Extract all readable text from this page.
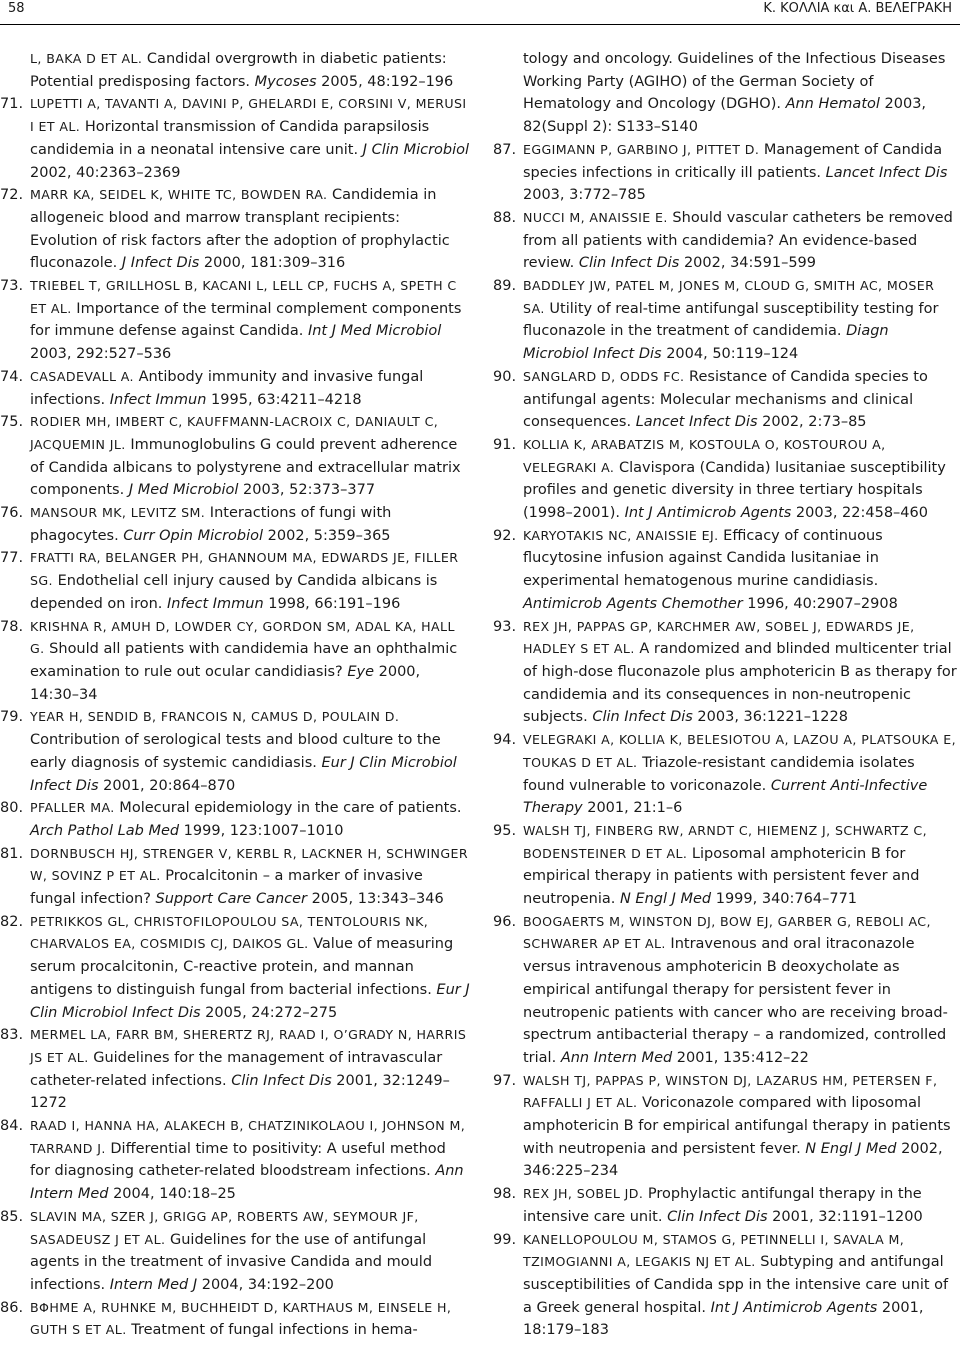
58	Κ. ΚΟΛΛΙΑ και Α. ΒΕΛΕΓΡΑΚΗ

L, BAKA D ET AL. Candidal overgrowth in diabetic patients: Potential predisposing factors. Mycoses 2005, 48:192–196

71. LUPETTI A, TAVANTI A, DAVINI P, GHELARDI E, CORSINI V, MERUSI I ET AL. Horizontal transmission of Candida parapsilosis candidemia in a neonatal intensive care unit. J Clin Microbiol 2002, 40:2363–2369

72. MARR KA, SEIDEL K, WHITE TC, BOWDEN RA. Candidemia in allogeneic blood and marrow transplant recipients: Evolution of risk factors after the adoption of prophylactic fluconazole. J Infect Dis 2000, 181:309–316

73. TRIEBEL T, GRILLHOSL B, KACANI L, LELL CP, FUCHS A, SPETH C ET AL. Importance of the terminal complement components for immune defense against Candida. Int J Med Microbiol 2003, 292:527–536

74. CASADEVALL A. Antibody immunity and invasive fungal infections. Infect Immun 1995, 63:4211–4218

75. RODIER MH, IMBERT C, KAUFFMANN-LACROIX C, DANIAULT C, JACQUEMIN JL. Immunoglobulins G could prevent adherence of Candida albicans to polystyrene and extracellular matrix components. J Med Microbiol 2003, 52:373–377

76. MANSOUR MK, LEVITZ SM. Interactions of fungi with phagocytes. Curr Opin Microbiol 2002, 5:359–365

77. FRATTI RA, BELANGER PH, GHANNOUM MA, EDWARDS JE, FILLER SG. Endothelial cell injury caused by Candida albicans is depended on iron. Infect Immun 1998, 66:191–196

78. KRISHNA R, AMUH D, LOWDER CY, GORDON SM, ADAL KA, HALL G. Should all patients with candidemia have an ophthalmic examination to rule out ocular candidiasis? Eye 2000, 14:30–34

79. YEAR H, SENDID B, FRANCOIS N, CAMUS D, POULAIN D. Contribution of serological tests and blood culture to the early diagnosis of systemic candidiasis. Eur J Clin Microbiol Infect Dis 2001, 20:864–870

80. PFALLER MA. Molecural epidemiology in the care of patients. Arch Pathol Lab Med 1999, 123:1007–1010

81. DORNBUSCH HJ, STRENGER V, KERBL R, LACKNER H, SCHWINGER W, SOVINZ P ET AL. Procalcitonin – a marker of invasive fungal infection? Support Care Cancer 2005, 13:343–346

82. PETRIKKOS GL, CHRISTOFILOPOULOU SA, TENTOLOURIS NK, CHARVALOS EA, COSMIDIS CJ, DAIKOS GL. Value of measuring serum procalcitonin, C-reactive protein, and mannan antigens to distinguish fungal from bacterial infections. Eur J Clin Microbiol Infect Dis 2005, 24:272–275

83. MERMEL LA, FARR BM, SHERERTZ RJ, RAAD I, O’GRADY N, HARRIS JS ET AL. Guidelines for the management of intravascular catheter-related infections. Clin Infect Dis 2001, 32:1249–1272

84. RAAD I, HANNA HA, ALAKECH B, CHATZINIKOLAOU I, JOHNSON M, TARRAND J. Differential time to positivity: A useful method for diagnosing catheter-related bloodstream infections. Ann Intern Med 2004, 140:18–25

85. SLAVIN MA, SZER J, GRIGG AP, ROBERTS AW, SEYMOUR JF, SASADEUSZ J ET AL. Guidelines for the use of antifungal agents in the treatment of invasive Candida and mould infections. Intern Med J 2004, 34:192–200

86. ΒΦHME A, RUHNKE M, BUCHHEIDT D, KARTHAUS M, EINSELE H, GUTH S ET AL. Treatment of fungal infections in hema-

tology and oncology. Guidelines of the Infectious Diseases Working Party (AGIHO) of the German Society of Hematology and Oncology (DGHO). Ann Hematol 2003, 82(Suppl 2): S133–S140

87. EGGIMANN P, GARBINO J, PITTET D. Management of Candida species infections in critically ill patients. Lancet Infect Dis 2003, 3:772–785

88. NUCCI M, ANAISSIE E. Should vascular catheters be removed from all patients with candidemia? An evidence-based review. Clin Infect Dis 2002, 34:591–599

89. BADDLEY JW, PATEL M, JONES M, CLOUD G, SMITH AC, MOSER SA. Utility of real-time antifungal susceptibility testing for fluconazole in the treatment of candidemia. Diagn Microbiol Infect Dis 2004, 50:119–124

90. SANGLARD D, ODDS FC. Resistance of Candida species to antifungal agents: Molecular mechanisms and clinical consequences. Lancet Infect Dis 2002, 2:73–85

91. KOLLIA K, ARABATZIS M, KOSTOULA O, KOSTOUROU A, VELEGRAKI A. Clavispora (Candida) lusitaniae susceptibility profiles and genetic diversity in three tertiary hospitals (1998–2001). Int J Antimicrob Agents 2003, 22:458–460

92. KARYOTAKIS NC, ANAISSIE EJ. Efficacy of continuous flucytosine infusion against Candida lusitaniae in experimental hematogenous murine candidiasis. Antimicrob Agents Chemother 1996, 40:2907–2908

93. REX JH, PAPPAS GP, KARCHMER AW, SOBEL J, EDWARDS JE, HADLEY S ET AL. A randomized and blinded multicenter trial of high-dose fluconazole plus amphotericin B as therapy for candidemia and its consequences in non-neutropenic subjects. Clin Infect Dis 2003, 36:1221–1228

94. VELEGRAKI A, KOLLIA K, BELESIOTOU A, LAZOU A, PLATSOUKA E, TOUKAS D ET AL. Triazole-resistant candidemia isolates found vulnerable to voriconazole. Current Anti-Infective Therapy 2001, 21:1–6

95. WALSH TJ, FINBERG RW, ARNDT C, HIEMENZ J, SCHWARTZ C, BODENSTEINER D ET AL. Liposomal amphotericin B for empirical therapy in patients with persistent fever and neutropenia. N Engl J Med 1999, 340:764–771

96. BOOGAERTS M, WINSTON DJ, BOW EJ, GARBER G, REBOLI AC, SCHWARER AP ET AL. Intravenous and oral itraconazole versus intravenous amphotericin B deoxycholate as empirical antifungal therapy for persistent fever in neutropenic patients with cancer who are receiving broad-spectrum antibacterial therapy – a randomized, controlled trial. Ann Intern Med 2001, 135:412–22

97. WALSH TJ, PAPPAS P, WINSTON DJ, LAZARUS HM, PETERSEN F, RAFFALLI J ET AL. Voriconazole compared with liposomal amphotericin B for empirical antifungal therapy in patients with neutropenia and persistent fever. N Engl J Med 2002, 346:225–234

98. REX JH, SOBEL JD. Prophylactic antifungal therapy in the intensive care unit. Clin Infect Dis 2001, 32:1191–1200

99. KANELLOPOULOU M, STAMOS G, PETINNELLI I, SAVALA M, TZIMOGIANNI A, LEGAKIS NJ ET AL. Subtyping and antifungal susceptibilities of Candida spp in the intensive care unit of a Greek general hospital. Int J Antimicrob Agents 2001, 18:179–183
